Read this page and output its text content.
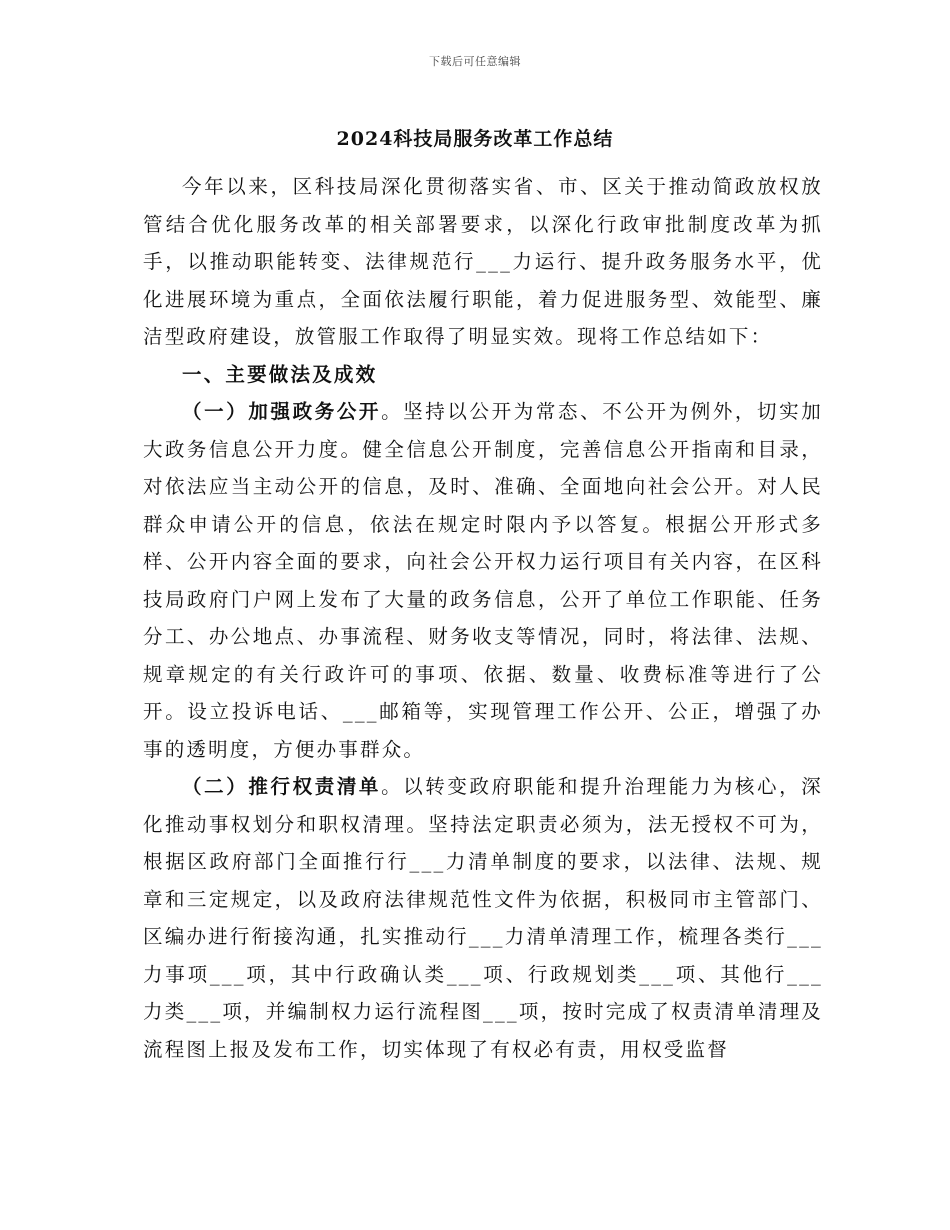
下载后可任意编辑
2024科技局服务改革工作总结

今年以来，区科技局深化贯彻落实省、市、区关于推动简政放权放管结合优化服务改革的相关部署要求，以深化行政审批制度改革为抓手，以推动职能转变、法律规范行___力运行、提升政务服务水平，优化进展环境为重点，全面依法履行职能，着力促进服务型、效能型、廉洁型政府建设，放管服工作取得了明显实效。现将工作总结如下：

一、主要做法及成效

（一）加强政务公开。坚持以公开为常态、不公开为例外，切实加大政务信息公开力度。健全信息公开制度，完善信息公开指南和目录，对依法应当主动公开的信息，及时、准确、全面地向社会公开。对人民群众申请公开的信息，依法在规定时限内予以答复。根据公开形式多样、公开内容全面的要求，向社会公开权力运行项目有关内容，在区科技局政府门户网上发布了大量的政务信息，公开了单位工作职能、任务分工、办公地点、办事流程、财务收支等情况，同时，将法律、法规、规章规定的有关行政许可的事项、依据、数量、收费标准等进行了公开。设立投诉电话、___邮箱等，实现管理工作公开、公正，增强了办事的透明度，方便办事群众。

（二）推行权责清单。以转变政府职能和提升治理能力为核心，深化推动事权划分和职权清理。坚持法定职责必须为，法无授权不可为，根据区政府部门全面推行行___力清单制度的要求，以法律、法规、规章和三定规定，以及政府法律规范性文件为依据，积极同市主管部门、区编办进行衔接沟通，扎实推动行___力清单清理工作，梳理各类行___力事项___项，其中行政确认类___项、行政规划类___项、其他行___力类___项，并编制权力运行流程图___项，按时完成了权责清单清理及流程图上报及发布工作，切实体现了有权必有责，用权受监督
